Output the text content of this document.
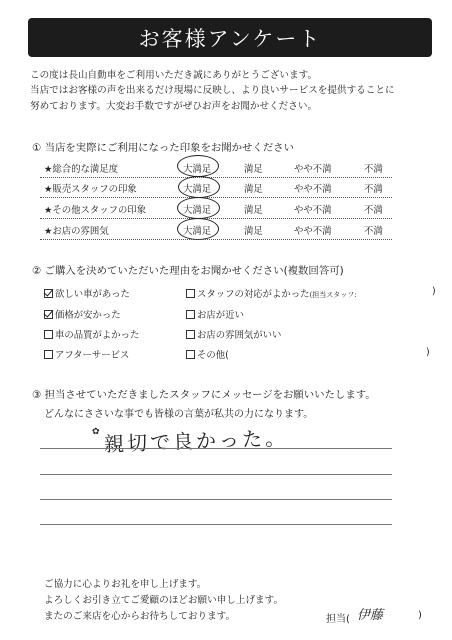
お客様アンケート
この度は長山自動車をご利用いただき誠にありがとうございます。
当店ではお客様の声を出来るだけ現場に反映し、より良いサービスを提供することに
努めております。大変お手数ですがぜひお声をお聞かせください。
① 当店を実際にご利用になった印象をお聞かせください
★総合的な満足度	大満足	満足	やや不満	不満
★販売スタッフの印象	大満足	満足	やや不満	不満
★その他スタッフの印象	大満足	満足	やや不満	不満
★お店の雰囲気	大満足	満足	やや不満	不満
② ご購入を決めていただいた理由をお聞かせください(複数回答可)
欲しい車があった	スタッフの対応がよかった(担当スタッフ:	)
価格が安かった	お店が近い
車の品質がよかった	お店の雰囲気がいい
アフターサービス	その他(	)
③ 担当させていただきましたスタッフにメッセージをお願いいたします。
どんなにささいな事でも皆様の言葉が私共の力になります。
✿ 親切で良かった。
ご協力に心よりお礼を申し上げます。
よろしくお引き立てご愛顧のほどお願い申し上げます。
またのご来店を心からお待ちしております。	担当( 伊藤	)
